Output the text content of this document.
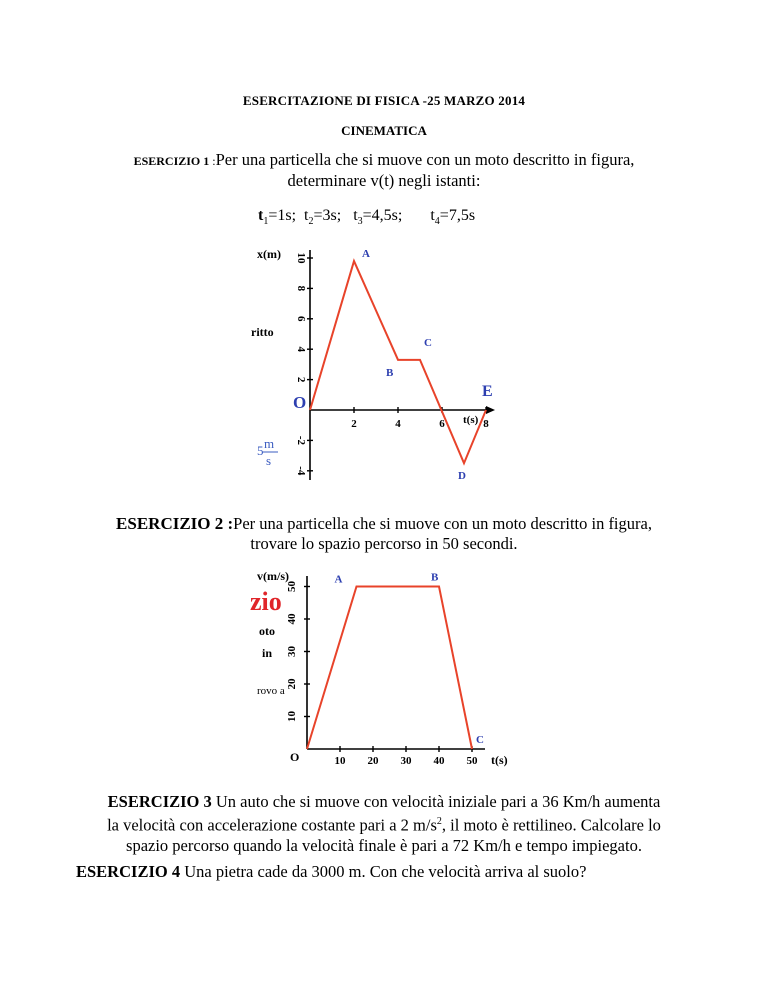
ESERCITAZIONE DI FISICA -25 MARZO 2014
CINEMATICA
ESERCIZIO 1 :Per una particella che si muove con un moto descritto in figura,
determinare v(t) negli istanti:
$t_1=1s$;  $t_2=3s$;   $t_3=4,5s$;       $t_4=7,5s$
10
8
6
4
2
-2
-4
2	4	6	8
A
B
C
D
E
x(m)
t(s)
O
ritto
5 m
s
ESERCIZIO 2 :Per una particella che si muove con un moto descritto in figura,
trovare lo spazio percorso in 50 secondi.
50
40
30
20
10
10 20 30 40 50
A	B
C
v(m/s)
t(s)
O
zio
oto
in
rovo a
ESERCIZIO 3 Un auto che si muove con velocità iniziale pari a 36 Km/h aumenta
la velocità con accelerazione costante pari a 2 $m/s^2$, il moto è rettilineo. Calcolare lo
spazio percorso quando la velocità finale è pari a 72 Km/h e tempo impiegato.
ESERCIZIO 4 Una pietra cade da 3000 m. Con che velocità arriva al suolo?
